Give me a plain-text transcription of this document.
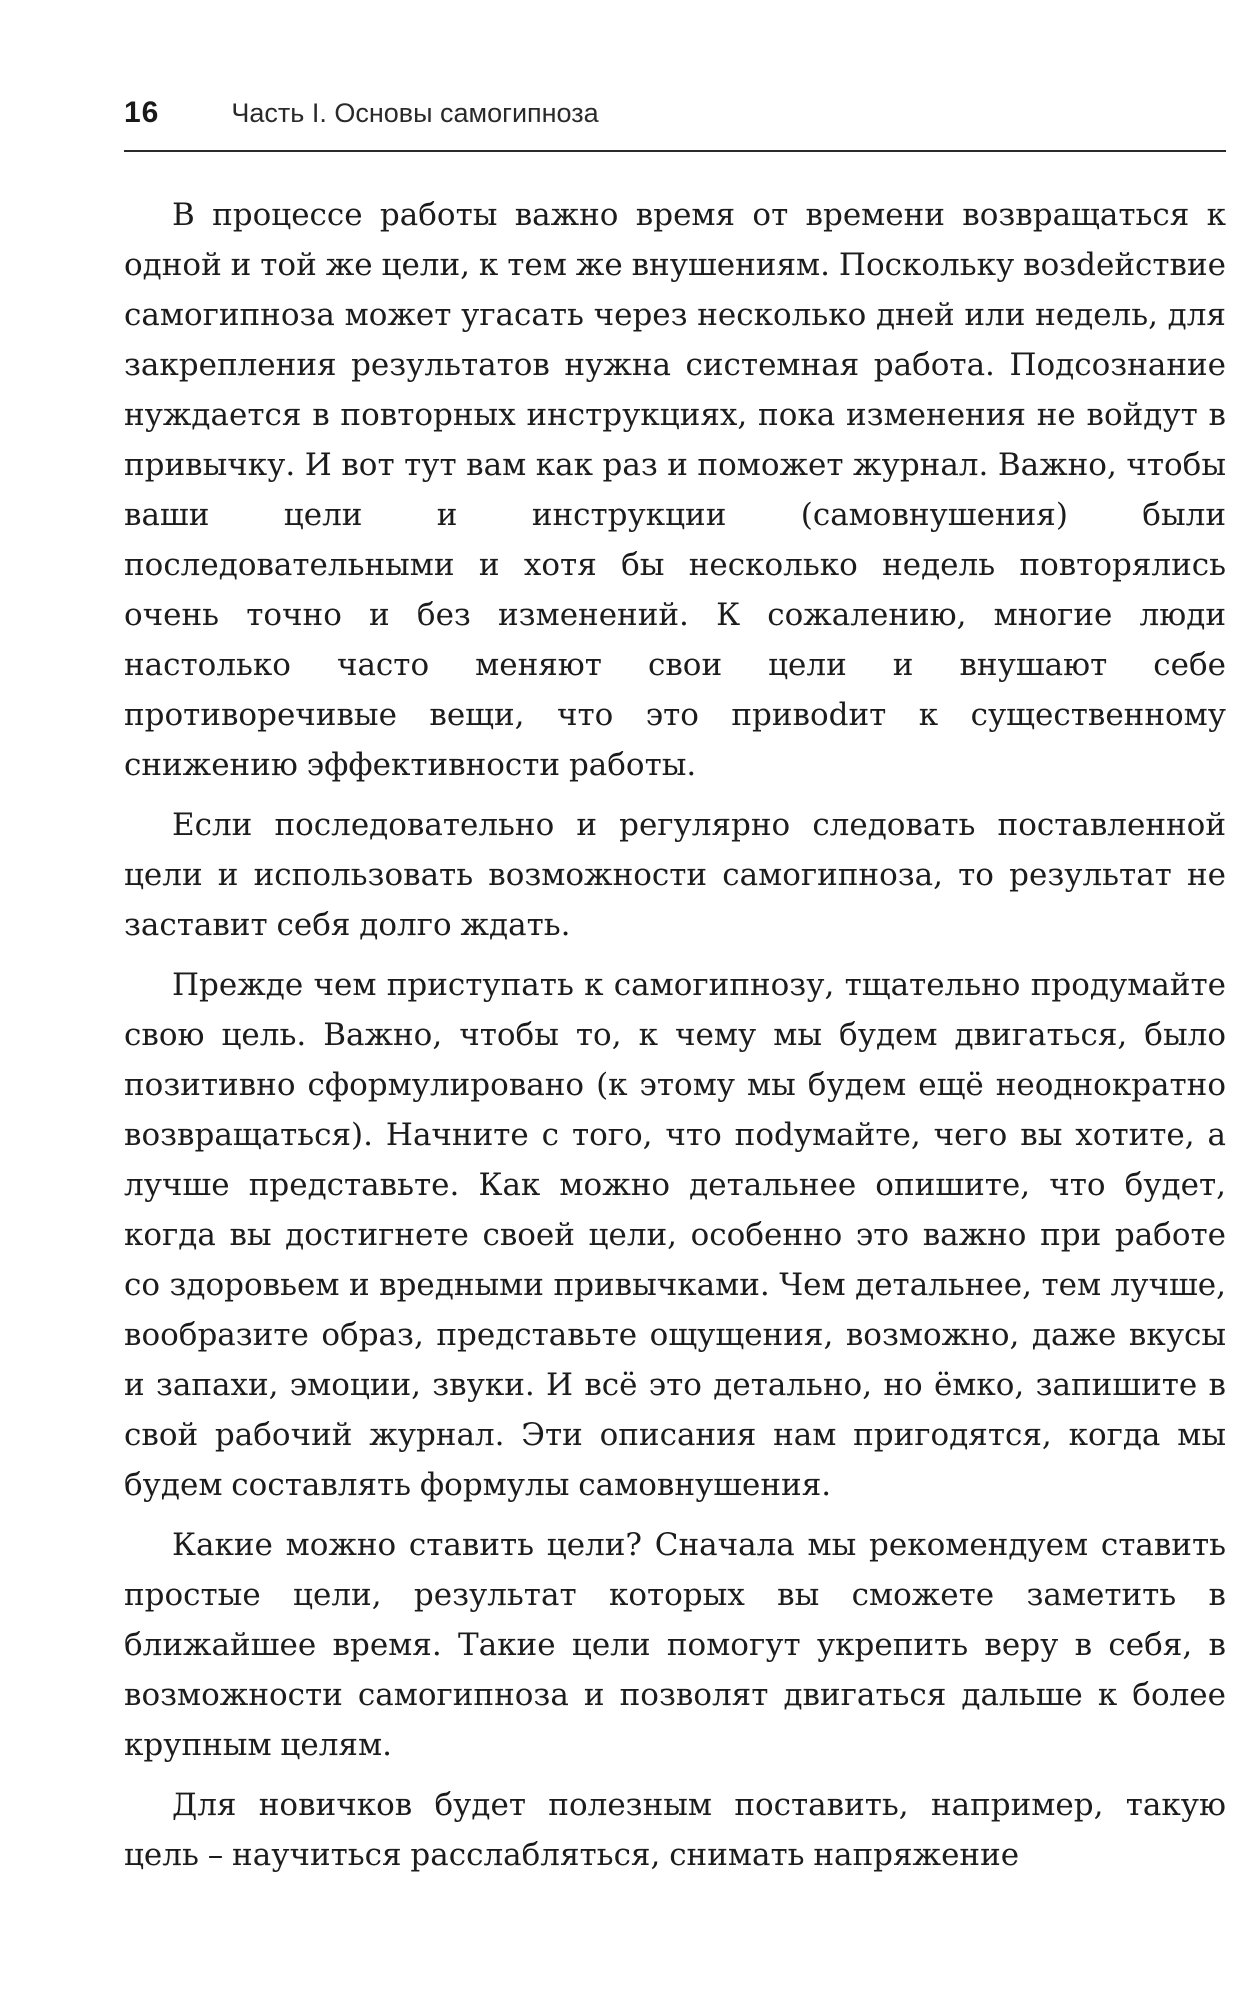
16	Часть I. Основы самогипноза

В процессе работы важно время от времени возвращаться к одной и той же цели, к тем же внушениям. Поскольку возdействие самогипноза может угасать через несколько дней или недель, для закрепления результатов нужна системная работа. Подсознание нуждается в повторных инструкциях, пока изменения не войдут в привычку. И вот тут вам как раз и поможет журнал. Важно, чтобы ваши цели и инструкции (самовнушения) были последовательными и хотя бы несколько недель повторялись очень точно и без изменений. К сожалению, многие люди настолько часто меняют свои цели и внушают себе противоречивые вещи, что это привоdит к существенному снижению эффективности работы.

Если последовательно и регулярно следовать поставленной цели и использовать возможности самогипноза, то результат не заставит себя долго ждать.

Прежде чем приступать к самогипнозу, тщательно продумайте свою цель. Важно, чтобы то, к чему мы будем двигаться, было позитивно сформулировано (к этому мы будем ещё неоднократно возвращаться). Начните с того, что поdумайте, чего вы хотите, а лучше представьте. Как можно детальнее опишите, что будет, когда вы достигнете своей цели, особенно это важно при работе со здоровьем и вредными привычками. Чем детальнее, тем лучше, вообразите образ, представьте ощущения, возможно, даже вкусы и запахи, эмоции, звуки. И всё это детально, но ёмко, запишите в свой рабочий журнал. Эти описания нам пригодятся, когда мы будем составлять формулы самовнушения.

Какие можно ставить цели? Сначала мы рекомендуем ставить простые цели, результат которых вы сможете заметить в ближайшее время. Такие цели помогут укрепить веру в себя, в возможности самогипноза и позволят двигаться дальше к более крупным целям.

Для новичков будет полезным поставить, например, такую цель – научиться расслабляться, снимать напряжение
